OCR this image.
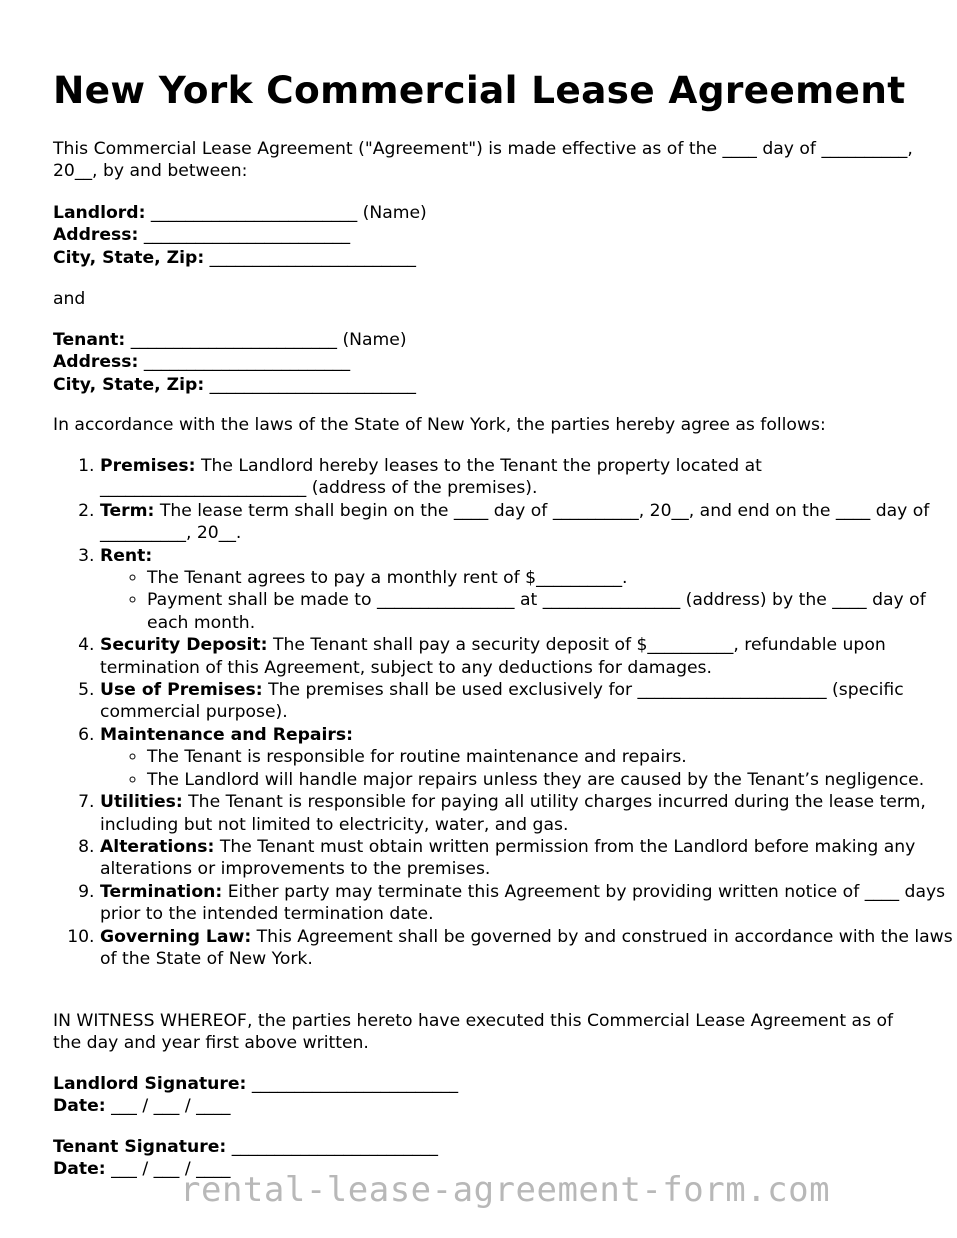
New York Commercial Lease Agreement

This Commercial Lease Agreement ("Agreement") is made effective as of the ____ day of __________, 20__, by and between:

Landlord: ________________________ (Name)

Address: ________________________

City, State, Zip: ________________________

and

Tenant: ________________________ (Name)

Address: ________________________

City, State, Zip: ________________________

In accordance with the laws of the State of New York, the parties hereby agree as follows:

1. Premises: The Landlord hereby leases to the Tenant the property located at ________________________ (address of the premises).
2. Term: The lease term shall begin on the ____ day of __________, 20__, and end on the ____ day of __________, 20__.
3. Rent:
◦ The Tenant agrees to pay a monthly rent of $__________.
◦ Payment shall be made to ________________ at ________________ (address) by the ____ day of each month.
4. Security Deposit: The Tenant shall pay a security deposit of $__________, refundable upon termination of this Agreement, subject to any deductions for damages.
5. Use of Premises: The premises shall be used exclusively for ______________________ (specific commercial purpose).
6. Maintenance and Repairs:
◦ The Tenant is responsible for routine maintenance and repairs.
◦ The Landlord will handle major repairs unless they are caused by the Tenant’s negligence.
7. Utilities: The Tenant is responsible for paying all utility charges incurred during the lease term, including but not limited to electricity, water, and gas.
8. Alterations: The Tenant must obtain written permission from the Landlord before making any alterations or improvements to the premises.
9. Termination: Either party may terminate this Agreement by providing written notice of ____ days prior to the intended termination date.
10. Governing Law: This Agreement shall be governed by and construed in accordance with the laws of the State of New York.

IN WITNESS WHEREOF, the parties hereto have executed this Commercial Lease Agreement as of the day and year first above written.

Landlord Signature: ________________________

Date: ___ / ___ / ____

Tenant Signature: ________________________

Date: ___ / ___ / ____

rental-lease-agreement-form.com
